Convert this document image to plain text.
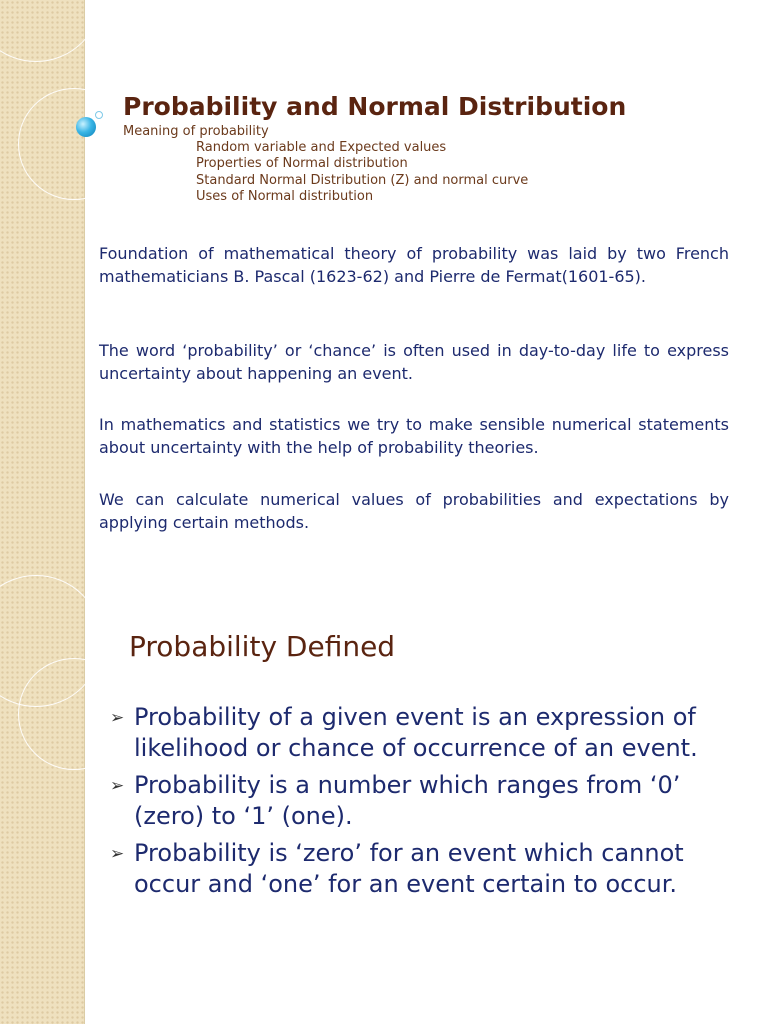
Probability and Normal Distribution
Meaning of probability
Random variable and Expected values
Properties of Normal distribution
Standard Normal Distribution (Z) and normal curve
Uses of Normal distribution

Foundation of mathematical theory of probability was laid by two French mathematicians B. Pascal (1623-62) and Pierre de Fermat(1601-65).

The word ‘probability’ or ‘chance’ is often used in day-to-day life to express uncertainty about happening an event.

In mathematics and statistics we try to make sensible numerical statements about uncertainty with the help of probability theories.

We can calculate numerical values of probabilities and expectations by applying certain methods.

Probability Defined
➢ Probability of a given event is an expression of likelihood or chance of occurrence of an event.
➢ Probability is a number which ranges from ‘0’ (zero) to ‘1’ (one).
➢ Probability is ‘zero’ for an event which cannot occur and ‘one’ for an event certain to occur.
